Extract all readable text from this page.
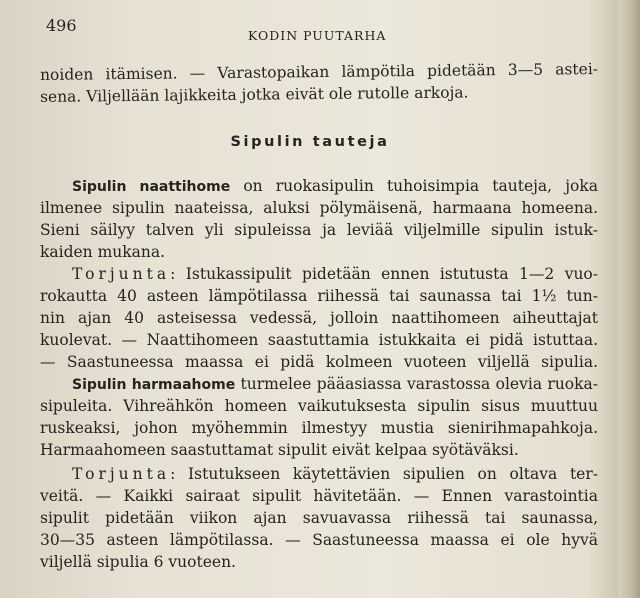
496
KODIN PUUTARHA
noiden itämisen. — Varastopaikan lämpötila pidetään 3—5 astei-
sena. Viljellään lajikkeita jotka eivät ole rutolle arkoja.
Sipulin tauteja
Sipulin naattihome on ruokasipulin tuhoisimpia tauteja, joka
ilmenee sipulin naateissa, aluksi pölymäisenä, harmaana homeena.
Sieni säilyy talven yli sipuleissa ja leviää viljelmille sipulin istuk-
kaiden mukana.
Torjunta: Istukassipulit pidetään ennen istutusta 1—2 vuo-
rokautta 40 asteen lämpötilassa riihessä tai saunassa tai 1½ tun-
nin ajan 40 asteisessa vedessä, jolloin naattihomeen aiheuttajat
kuolevat. — Naattihomeen saastuttamia istukkaita ei pidä istuttaa.
— Saastuneessa maassa ei pidä kolmeen vuoteen viljellä sipulia.
Sipulin harmaahome turmelee pääasiassa varastossa olevia ruoka-
sipuleita. Vihreähkön homeen vaikutuksesta sipulin sisus muuttuu
ruskeaksi, johon myöhemmin ilmestyy mustia sienirihmapahkoja.
Harmaahomeen saastuttamat sipulit eivät kelpaa syötäväksi.
Torjunta: Istutukseen käytettävien sipulien on oltava ter-
veitä. — Kaikki sairaat sipulit hävitetään. — Ennen varastointia
sipulit pidetään viikon ajan savuavassa riihessä tai saunassa,
30—35 asteen lämpötilassa. — Saastuneessa maassa ei ole hyvä
viljellä sipulia 6 vuoteen.
